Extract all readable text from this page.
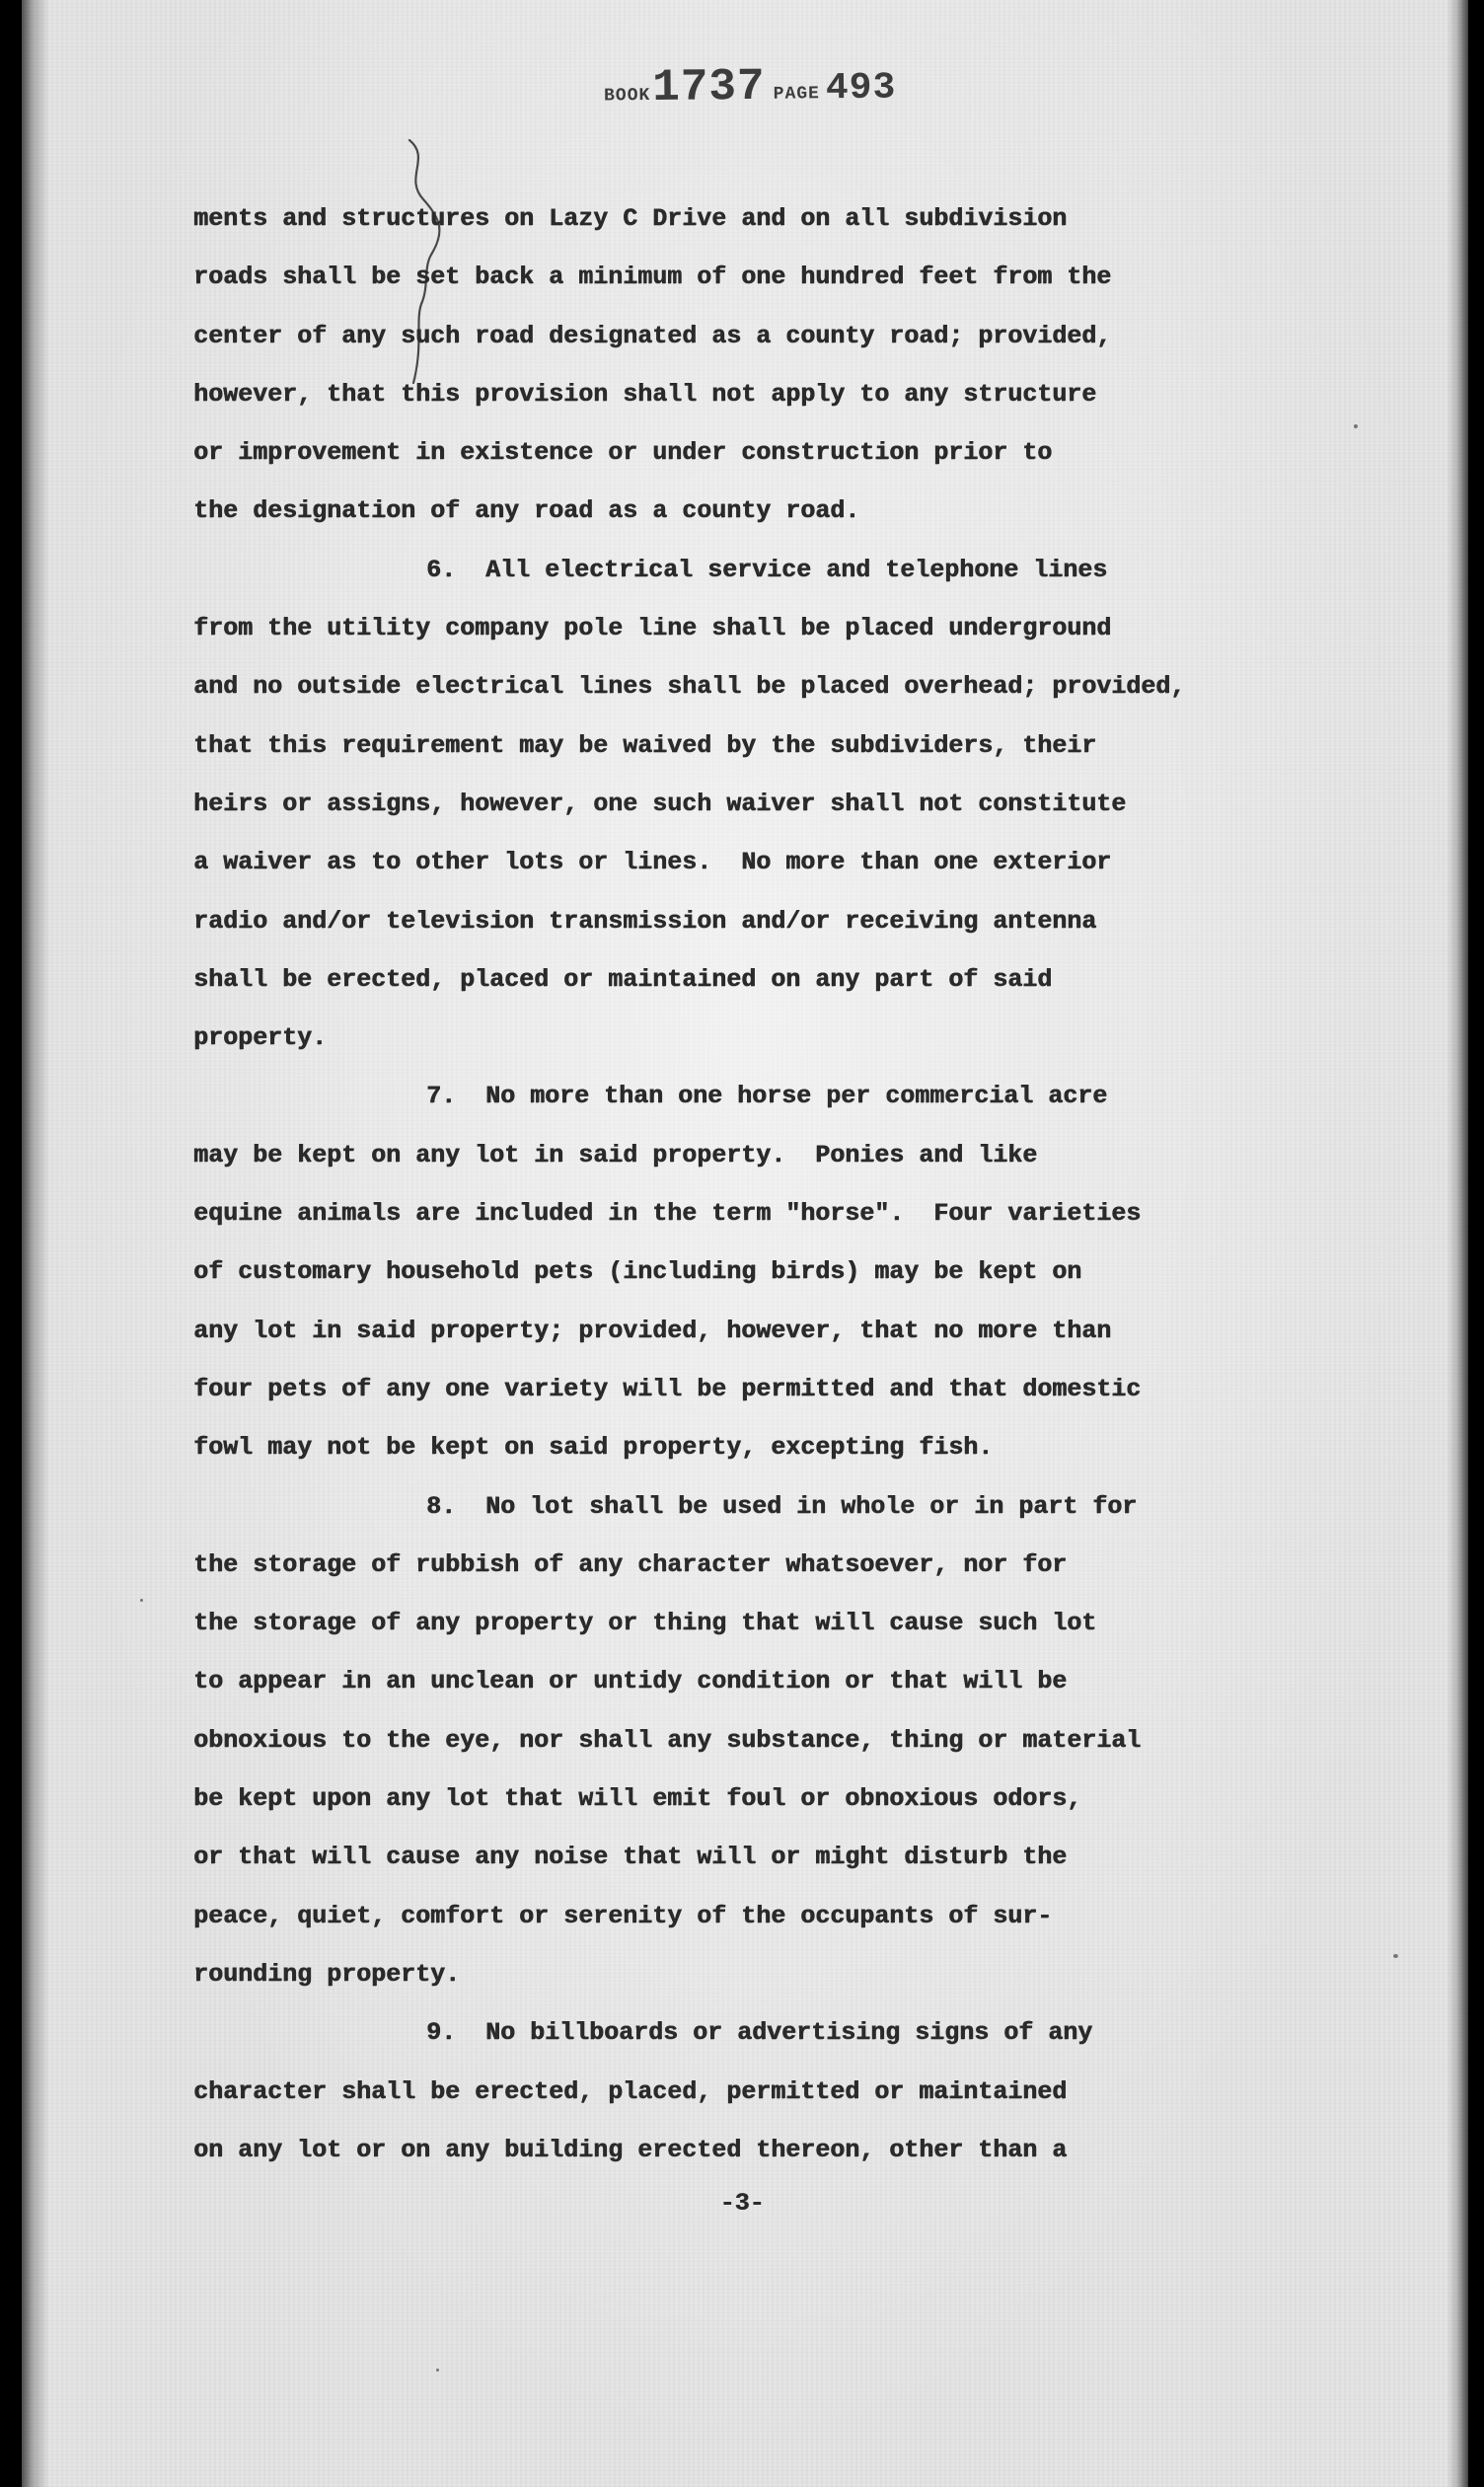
BOOK1737 PAGE 493
ments and structures on Lazy C Drive and on all subdivision
roads shall be set back a minimum of one hundred feet from the
center of any such road designated as a county road; provided,
however, that this provision shall not apply to any structure
or improvement in existence or under construction prior to
the designation of any road as a county road.
6.  All electrical service and telephone lines
from the utility company pole line shall be placed underground
and no outside electrical lines shall be placed overhead; provided,
that this requirement may be waived by the subdividers, their
heirs or assigns, however, one such waiver shall not constitute
a waiver as to other lots or lines.  No more than one exterior
radio and/or television transmission and/or receiving antenna
shall be erected, placed or maintained on any part of said
property.
7.  No more than one horse per commercial acre
may be kept on any lot in said property.  Ponies and like
equine animals are included in the term "horse".  Four varieties
of customary household pets (including birds) may be kept on
any lot in said property; provided, however, that no more than
four pets of any one variety will be permitted and that domestic
fowl may not be kept on said property, excepting fish.
8.  No lot shall be used in whole or in part for
the storage of rubbish of any character whatsoever, nor for
the storage of any property or thing that will cause such lot
to appear in an unclean or untidy condition or that will be
obnoxious to the eye, nor shall any substance, thing or material
be kept upon any lot that will emit foul or obnoxious odors,
or that will cause any noise that will or might disturb the
peace, quiet, comfort or serenity of the occupants of sur-
rounding property.
9.  No billboards or advertising signs of any
character shall be erected, placed, permitted or maintained
on any lot or on any building erected thereon, other than a
-3-
